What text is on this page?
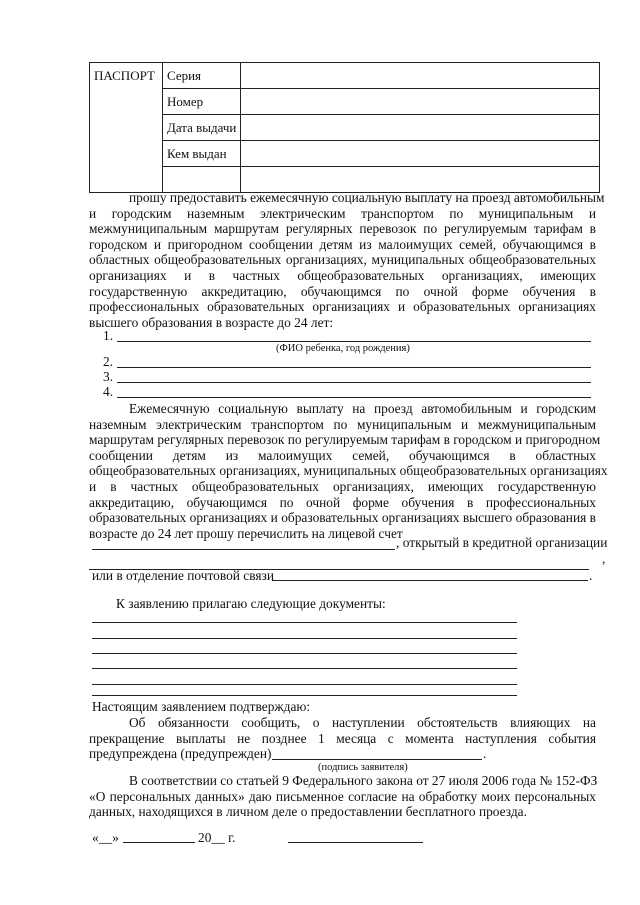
ПАСПОРТ	Серия	
	Номер	
	Дата выдачи	
	Кем выдан	

прошу предоставить ежемесячную социальную выплату на проезд автомобильным
и городским наземным электрическим транспортом по муниципальным и
межмуниципальным маршрутам регулярных перевозок по регулируемым тарифам в
городском и пригородном сообщении детям из малоимущих семей, обучающимся в
областных общеобразовательных организациях, муниципальных общеобразовательных
организациях и в частных общеобразовательных организациях, имеющих
государственную аккредитацию, обучающимся по очной форме обучения в
профессиональных образовательных организациях и образовательных организациях
высшего образования в возрасте до 24 лет:
1.
(ФИО ребенка, год рождения)
2.
3.
4.
Ежемесячную социальную выплату на проезд автомобильным и городским
наземным электрическим транспортом по муниципальным и межмуниципальным
маршрутам регулярных перевозок по регулируемым тарифам в городском и пригородном
сообщении детям из малоимущих семей, обучающимся в областных
общеобразовательных организациях, муниципальных общеобразовательных организациях
и в частных общеобразовательных организациях, имеющих государственную
аккредитацию, обучающимся по очной форме обучения в профессиональных
образовательных организациях и образовательных организациях высшего образования в
возрасте до 24 лет прошу перечислить на лицевой счет
, открытый в кредитной организации
,
или в отделение почтовой связи	.
К заявлению прилагаю следующие документы:
Настоящим заявлением подтверждаю:
Об обязанности сообщить, о наступлении обстоятельств влияющих на
прекращение выплаты не позднее 1 месяца с момента наступления события
предупреждена (предупрежден)	.
(подпись заявителя)
В соответствии со статьей 9 Федерального закона от 27 июля 2006 года № 152-ФЗ
«О персональных данных» даю письменное согласие на обработку моих персональных
данных, находящихся в личном деле о предоставлении бесплатного проезда.
«__»	20__ г.
